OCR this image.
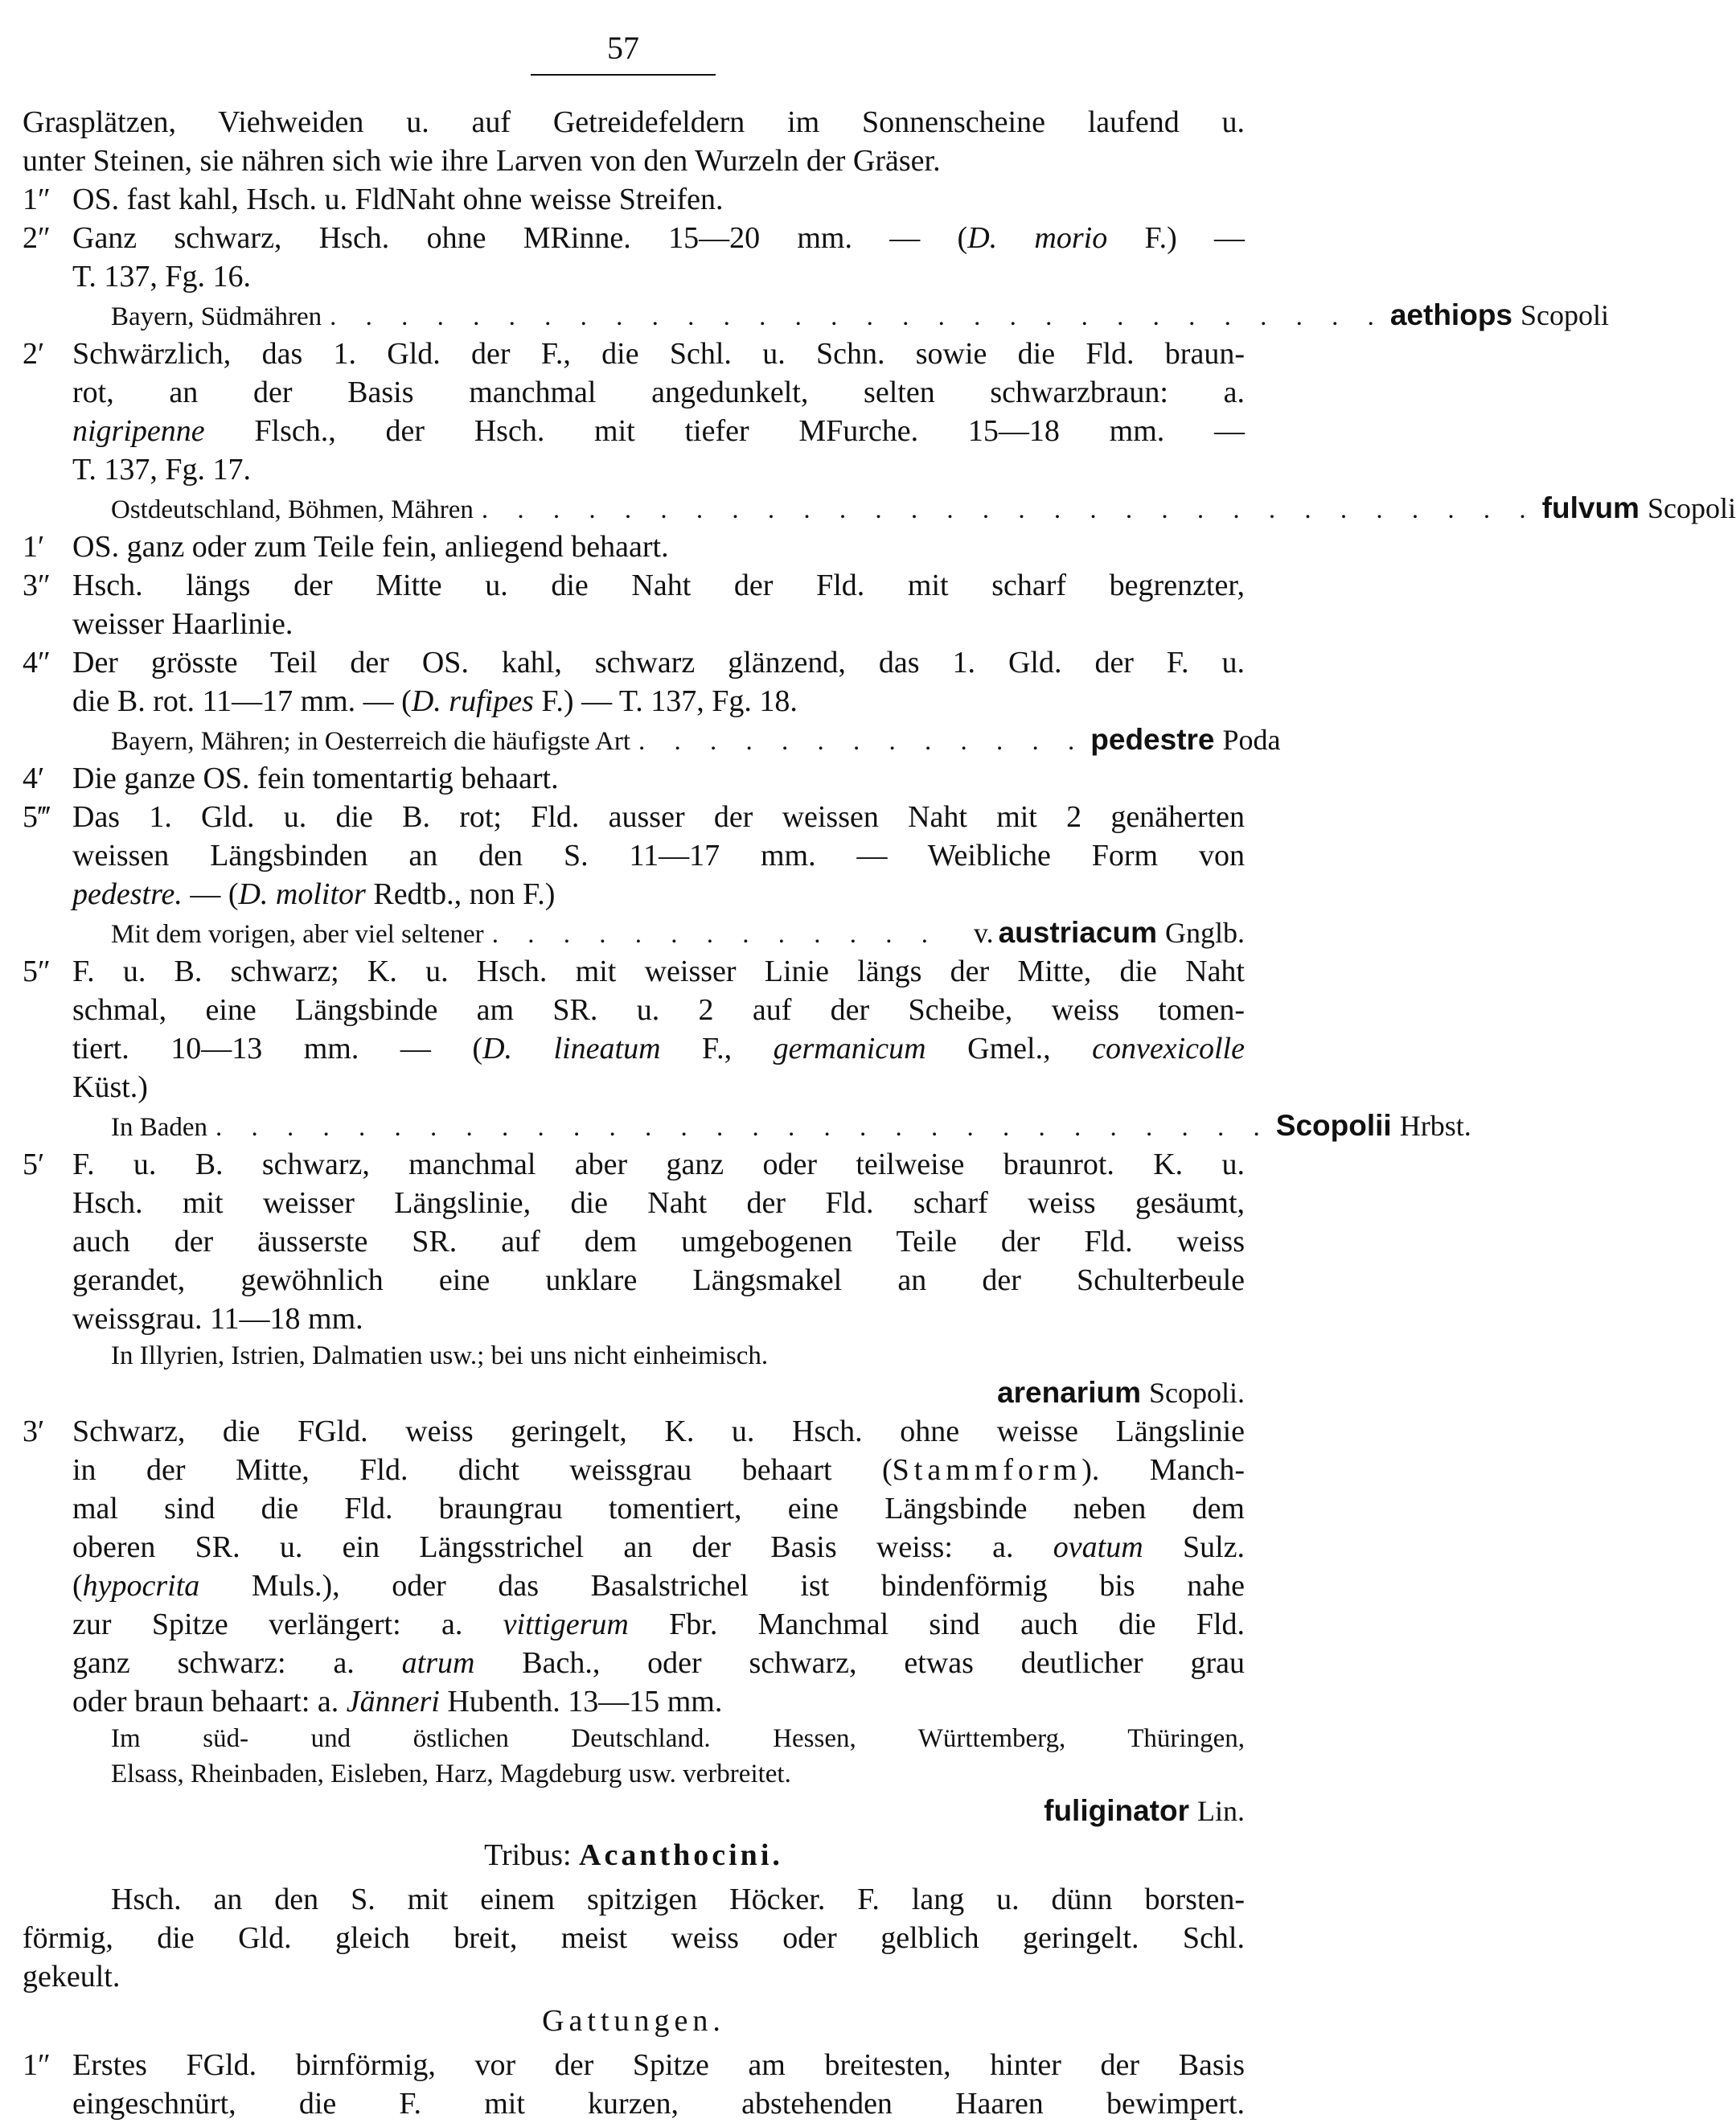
57
Grasplätzen, Viehweiden u. auf Getreidefeldern im Sonnenscheine laufend u.
unter Steinen, sie nähren sich wie ihre Larven von den Wurzeln der Gräser.
1″ OS. fast kahl, Hsch. u. FldNaht ohne weisse Streifen.
2″ Ganz schwarz, Hsch. ohne MRinne. 15—20 mm. — (D. morio F.) —
T. 137, Fg. 16.
Bayern, Südmähren . . . . . . . . . . . . . . . . . . . . . . . . . . . . . . aethiops Scopoli
2′ Schwärzlich, das 1. Gld. der F., die Schl. u. Schn. sowie die Fld. braun-
rot, an der Basis manchmal angedunkelt, selten schwarzbraun: a.
nigripenne Flsch., der Hsch. mit tiefer MFurche. 15—18 mm. —
T. 137, Fg. 17.
Ostdeutschland, Böhmen, Mähren . . . . . . . . . . . . . . . . . . . . . . . . . . . . . . fulvum Scopoli
1′ OS. ganz oder zum Teile fein, anliegend behaart.
3″ Hsch. längs der Mitte u. die Naht der Fld. mit scharf begrenzter,
weisser Haarlinie.
4″ Der grösste Teil der OS. kahl, schwarz glänzend, das 1. Gld. der F. u.
die B. rot. 11—17 mm. — (D. rufipes F.) — T. 137, Fg. 18.
Bayern, Mähren; in Oesterreich die häufigste Art . . . . . . . . . . . . . pedestre Poda
4′ Die ganze OS. fein tomentartig behaart.
5‴ Das 1. Gld. u. die B. rot; Fld. ausser der weissen Naht mit 2 genäherten
weissen Längsbinden an den S. 11—17 mm. — Weibliche Form von
pedestre. — (D. molitor Redtb., non F.)
Mit dem vorigen, aber viel seltener . . . . . . . . . . . . .	v. austriacum Gnglb.
5″ F. u. B. schwarz; K. u. Hsch. mit weisser Linie längs der Mitte, die Naht
schmal, eine Längsbinde am SR. u. 2 auf der Scheibe, weiss tomen-
tiert. 10—13 mm. — (D. lineatum F., germanicum Gmel., convexicolle
Küst.)
In Baden . . . . . . . . . . . . . . . . . . . . . . . . . . . . . . Scopolii Hrbst.
5′ F. u. B. schwarz, manchmal aber ganz oder teilweise braunrot. K. u.
Hsch. mit weisser Längslinie, die Naht der Fld. scharf weiss gesäumt,
auch der äusserste SR. auf dem umgebogenen Teile der Fld. weiss
gerandet, gewöhnlich eine unklare Längsmakel an der Schulterbeule
weissgrau. 11—18 mm.
In Illyrien, Istrien, Dalmatien usw.; bei uns nicht einheimisch.
arenarium Scopoli.
3′ Schwarz, die FGld. weiss geringelt, K. u. Hsch. ohne weisse Längslinie
in der Mitte, Fld. dicht weissgrau behaart (Stammform). Manch-
mal sind die Fld. braungrau tomentiert, eine Längsbinde neben dem
oberen SR. u. ein Längsstrichel an der Basis weiss: a. ovatum Sulz.
(hypocrita Muls.), oder das Basalstrichel ist bindenförmig bis nahe
zur Spitze verlängert: a. vittigerum Fbr. Manchmal sind auch die Fld.
ganz schwarz: a. atrum Bach., oder schwarz, etwas deutlicher grau
oder braun behaart: a. Jänneri Hubenth. 13—15 mm.
Im süd- und östlichen Deutschland. Hessen, Württemberg, Thüringen,
Elsass, Rheinbaden, Eisleben, Harz, Magdeburg usw. verbreitet.
fuliginator Lin.
Tribus: Acanthocini.
Hsch. an den S. mit einem spitzigen Höcker. F. lang u. dünn borsten-
förmig, die Gld. gleich breit, meist weiss oder gelblich geringelt. Schl.
gekeult.
Gattungen.
1″ Erstes FGld. birnförmig, vor der Spitze am breitesten, hinter der Basis
eingeschnürt, die F. mit kurzen, abstehenden Haaren bewimpert.
